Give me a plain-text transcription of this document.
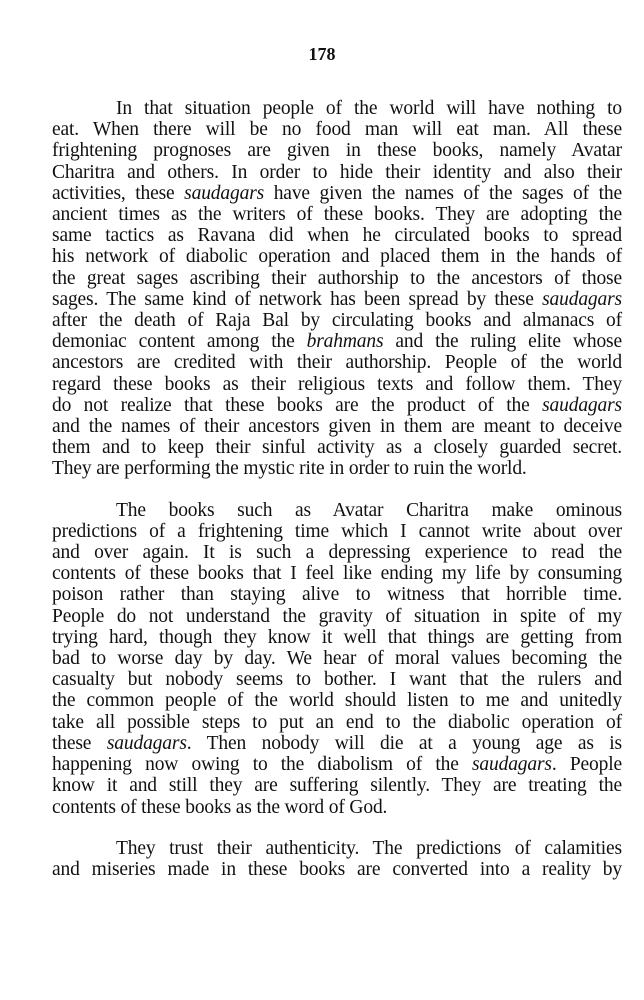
178

In that situation people of the world will have nothing to
eat. When there will be no food man will eat man. All these
frightening prognoses are given in these books, namely Avatar
Charitra and others. In order to hide their identity and also their
activities, these saudagars have given the names of the sages of the
ancient times as the writers of these books. They are adopting the
same tactics as Ravana did when he circulated books to spread
his network of diabolic operation and placed them in the hands of
the great sages ascribing their authorship to the ancestors of those
sages. The same kind of network has been spread by these saudagars
after the death of Raja Bal by circulating books and almanacs of
demoniac content among the brahmans and the ruling elite whose
ancestors are credited with their authorship. People of the world
regard these books as their religious texts and follow them. They
do not realize that these books are the product of the saudagars
and the names of their ancestors given in them are meant to deceive
them and to keep their sinful activity as a closely guarded secret.
They are performing the mystic rite in order to ruin the world.

The books such as Avatar Charitra make ominous
predictions of a frightening time which I cannot write about over
and over again. It is such a depressing experience to read the
contents of these books that I feel like ending my life by consuming
poison rather than staying alive to witness that horrible time.
People do not understand the gravity of situation in spite of my
trying hard, though they know it well that things are getting from
bad to worse day by day. We hear of moral values becoming the
casualty but nobody seems to bother. I want that the rulers and
the common people of the world should listen to me and unitedly
take all possible steps to put an end to the diabolic operation of
these saudagars. Then nobody will die at a young age as is
happening now owing to the diabolism of the saudagars. People
know it and still they are suffering silently. They are treating the
contents of these books as the word of God.

They trust their authenticity. The predictions of calamities
and miseries made in these books are converted into a reality by
